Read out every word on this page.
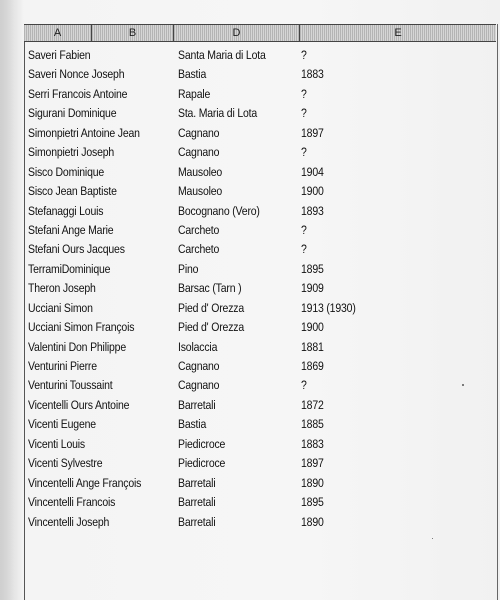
A	B	D	E
Saveri Fabien	Santa Maria di Lota	?
Saveri Nonce Joseph	Bastia	1883
Serri Francois Antoine	Rapale	?
Sigurani Dominique	Sta. Maria di Lota	?
Simonpietri Antoine Jean	Cagnano	1897
Simonpietri Joseph	Cagnano	?
Sisco Dominique	Mausoleo	1904
Sisco Jean Baptiste	Mausoleo	1900
Stefanaggi Louis	Bocognano (Vero)	1893
Stefani Ange Marie	Carcheto	?
Stefani Ours Jacques	Carcheto	?
TerramiDominique	Pino	1895
Theron Joseph	Barsac (Tarn )	1909
Ucciani Simon	Pied d' Orezza	1913 (1930)
Ucciani Simon François	Pied d' Orezza	1900
Valentini Don Philippe	Isolaccia	1881
Venturini Pierre	Cagnano	1869
Venturini Toussaint	Cagnano	?
Vicentelli Ours Antoine	Barretali	1872
Vicenti Eugene	Bastia	1885
Vicenti Louis	Piedicroce	1883
Vicenti Sylvestre	Piedicroce	1897
Vincentelli Ange François	Barretali	1890
Vincentelli Francois	Barretali	1895
Vincentelli Joseph	Barretali	1890
